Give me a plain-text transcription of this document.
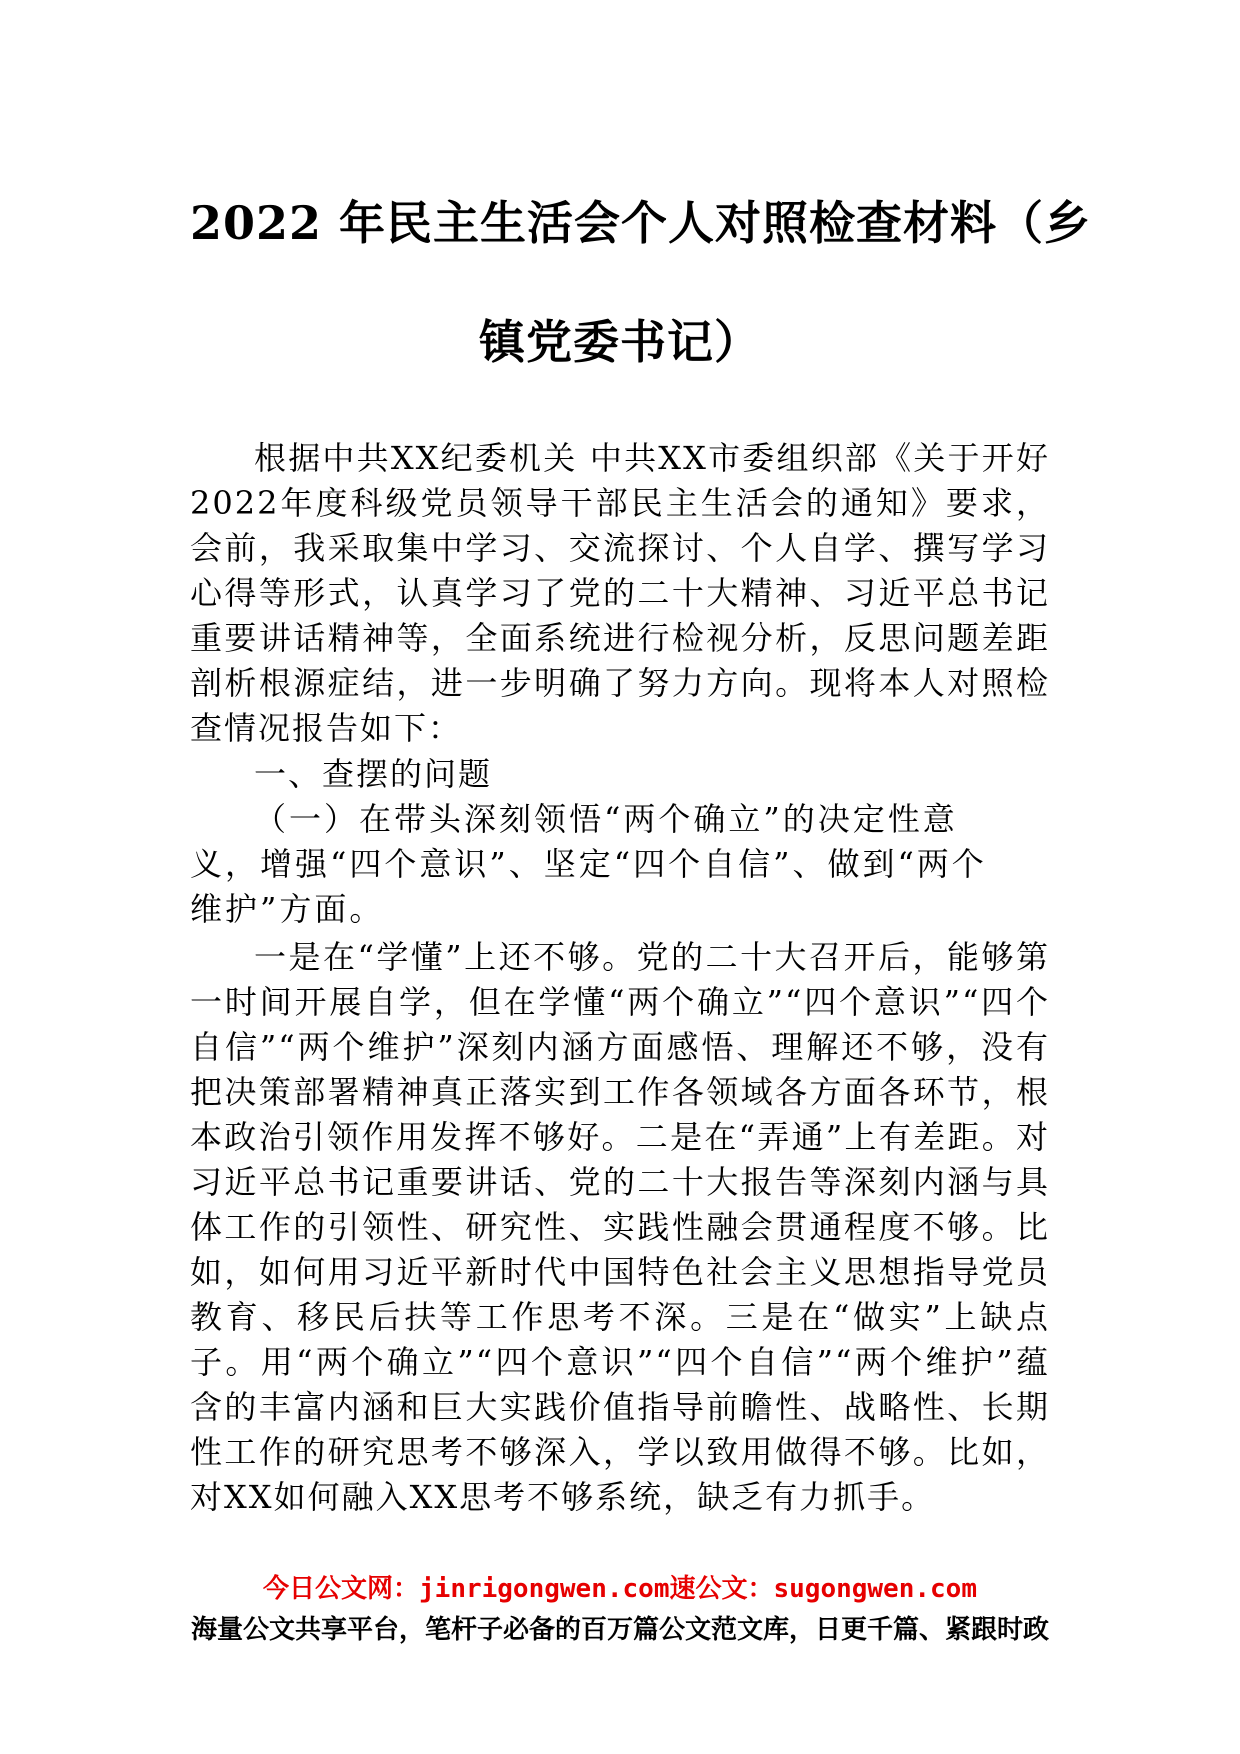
2022 年民主生活会个人对照检查材料（乡
镇党委书记）
根据中共XX纪委机关 中共XX市委组织部《关于开好2022年度科级党员领导干部民主生活会的通知》要求，会前，我采取集中学习、交流探讨、个人自学、撰写学习心得等形式，认真学习了党的二十大精神、习近平总书记重要讲话精神等，全面系统进行检视分析，反思问题差距剖析根源症结，进一步明确了努力方向。现将本人对照检查情况报告如下：
一、查摆的问题
（一）在带头深刻领悟“两个确立”的决定性意义，增强“四个意识”、坚定“四个自信”、做到“两个维护”方面。
一是在“学懂”上还不够。党的二十大召开后，能够第一时间开展自学，但在学懂“两个确立”“四个意识”“四个自信”“两个维护”深刻内涵方面感悟、理解还不够，没有把决策部署精神真正落实到工作各领域各方面各环节，根本政治引领作用发挥不够好。二是在“弄通”上有差距。对习近平总书记重要讲话、党的二十大报告等深刻内涵与具体工作的引领性、研究性、实践性融会贯通程度不够。比如，如何用习近平新时代中国特色社会主义思想指导党员教育、移民后扶等工作思考不深。三是在“做实”上缺点子。用“两个确立”“四个意识”“四个自信”“两个维护”蕴含的丰富内涵和巨大实践价值指导前瞻性、战略性、长期性工作的研究思考不够深入，学以致用做得不够。比如，对XX如何融入XX思考不够系统，缺乏有力抓手。
今日公文网：jinrigongwen.com速公文：sugongwen.com
海量公文共享平台，笔杆子必备的百万篇公文范文库，日更千篇、紧跟时政
